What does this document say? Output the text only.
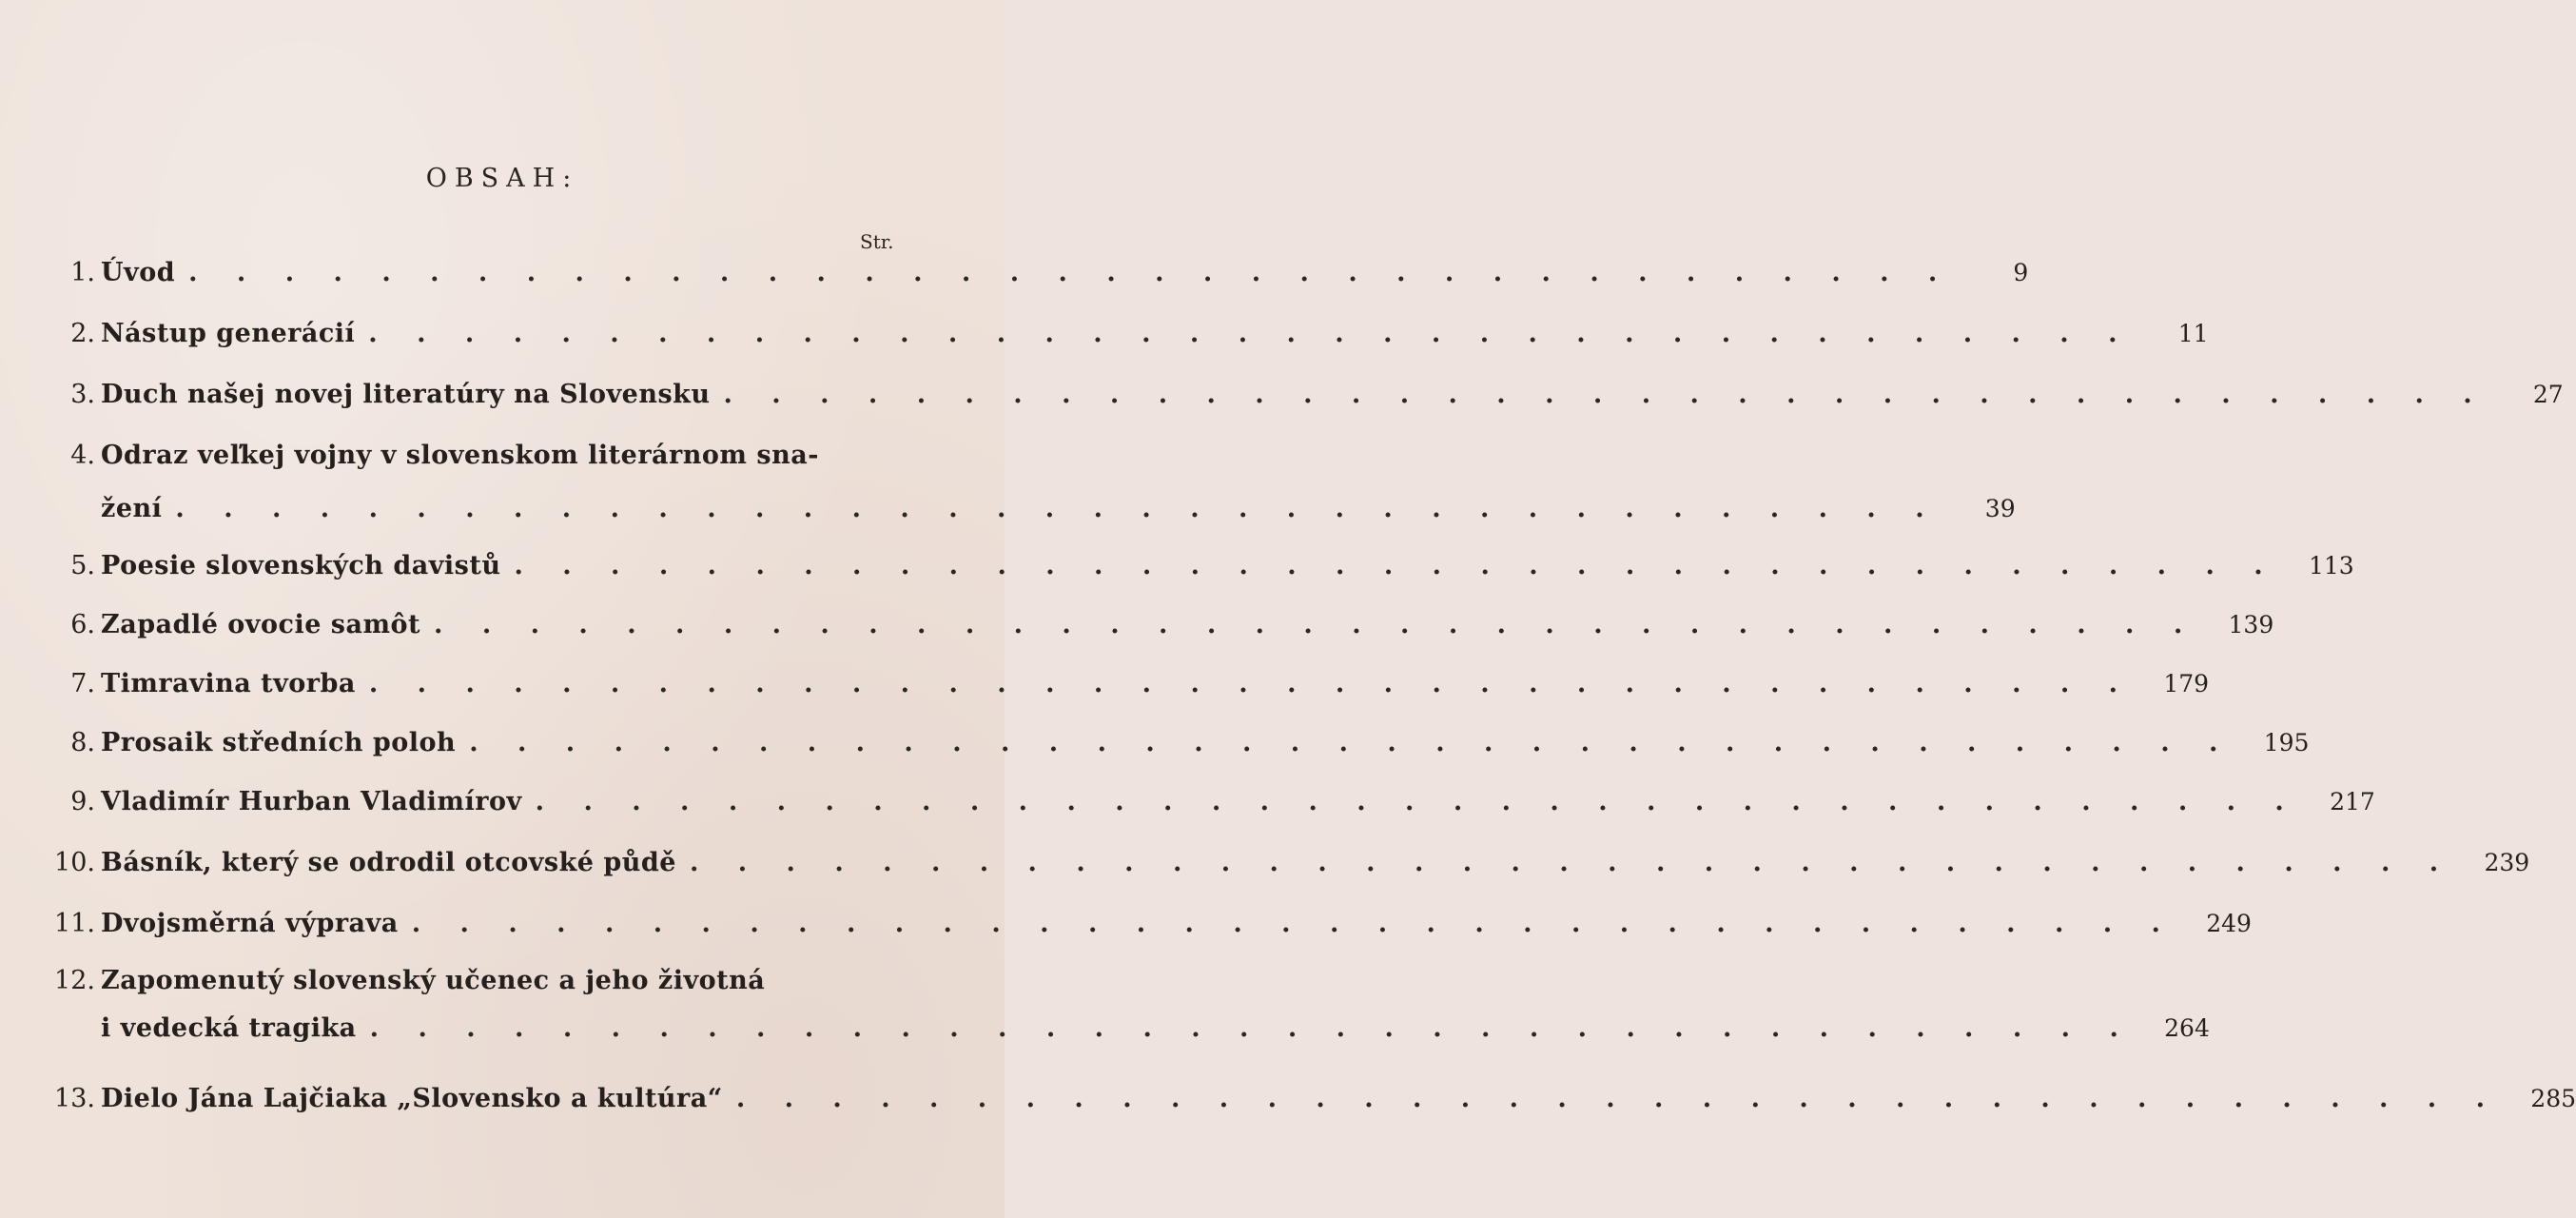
OBSAH:
Str.
1. Úvod . . . . . . . . . . . . . . . . . . . . . . . . . . . . . . . . . . . . .	9
2. Nástup generácií . . . . . . . . . . . . . . . . . . . . . . . . . . . . . . . . . . . . .	11
3. Duch našej novej literatúry na Slovensku . . . . . . . . . . . . . . . . . . . . . . . . . . . . . . . . . . . . .	27
4. Odraz veľkej vojny v slovenskom literárnom sna-
žení . . . . . . . . . . . . . . . . . . . . . . . . . . . . . . . . . . . . .	39
5. Poesie slovenských davistů . . . . . . . . . . . . . . . . . . . . . . . . . . . . . . . . . . . . .	113
6. Zapadlé ovocie samôt . . . . . . . . . . . . . . . . . . . . . . . . . . . . . . . . . . . . .	139
7. Timravina tvorba . . . . . . . . . . . . . . . . . . . . . . . . . . . . . . . . . . . . .	179
8. Prosaik středních poloh . . . . . . . . . . . . . . . . . . . . . . . . . . . . . . . . . . . . .	195
9. Vladimír Hurban Vladimírov . . . . . . . . . . . . . . . . . . . . . . . . . . . . . . . . . . . . .	217
10. Básník, který se odrodil otcovské půdě . . . . . . . . . . . . . . . . . . . . . . . . . . . . . . . . . . . . .	239
11. Dvojsměrná výprava . . . . . . . . . . . . . . . . . . . . . . . . . . . . . . . . . . . . .	249
12. Zapomenutý slovenský učenec a jeho životná
i vedecká tragika . . . . . . . . . . . . . . . . . . . . . . . . . . . . . . . . . . . . .	264
13. Dielo Jána Lajčiaka „Slovensko a kultúra“ . . . . . . . . . . . . . . . . . . . . . . . . . . . . . . . . . . . . .	285
